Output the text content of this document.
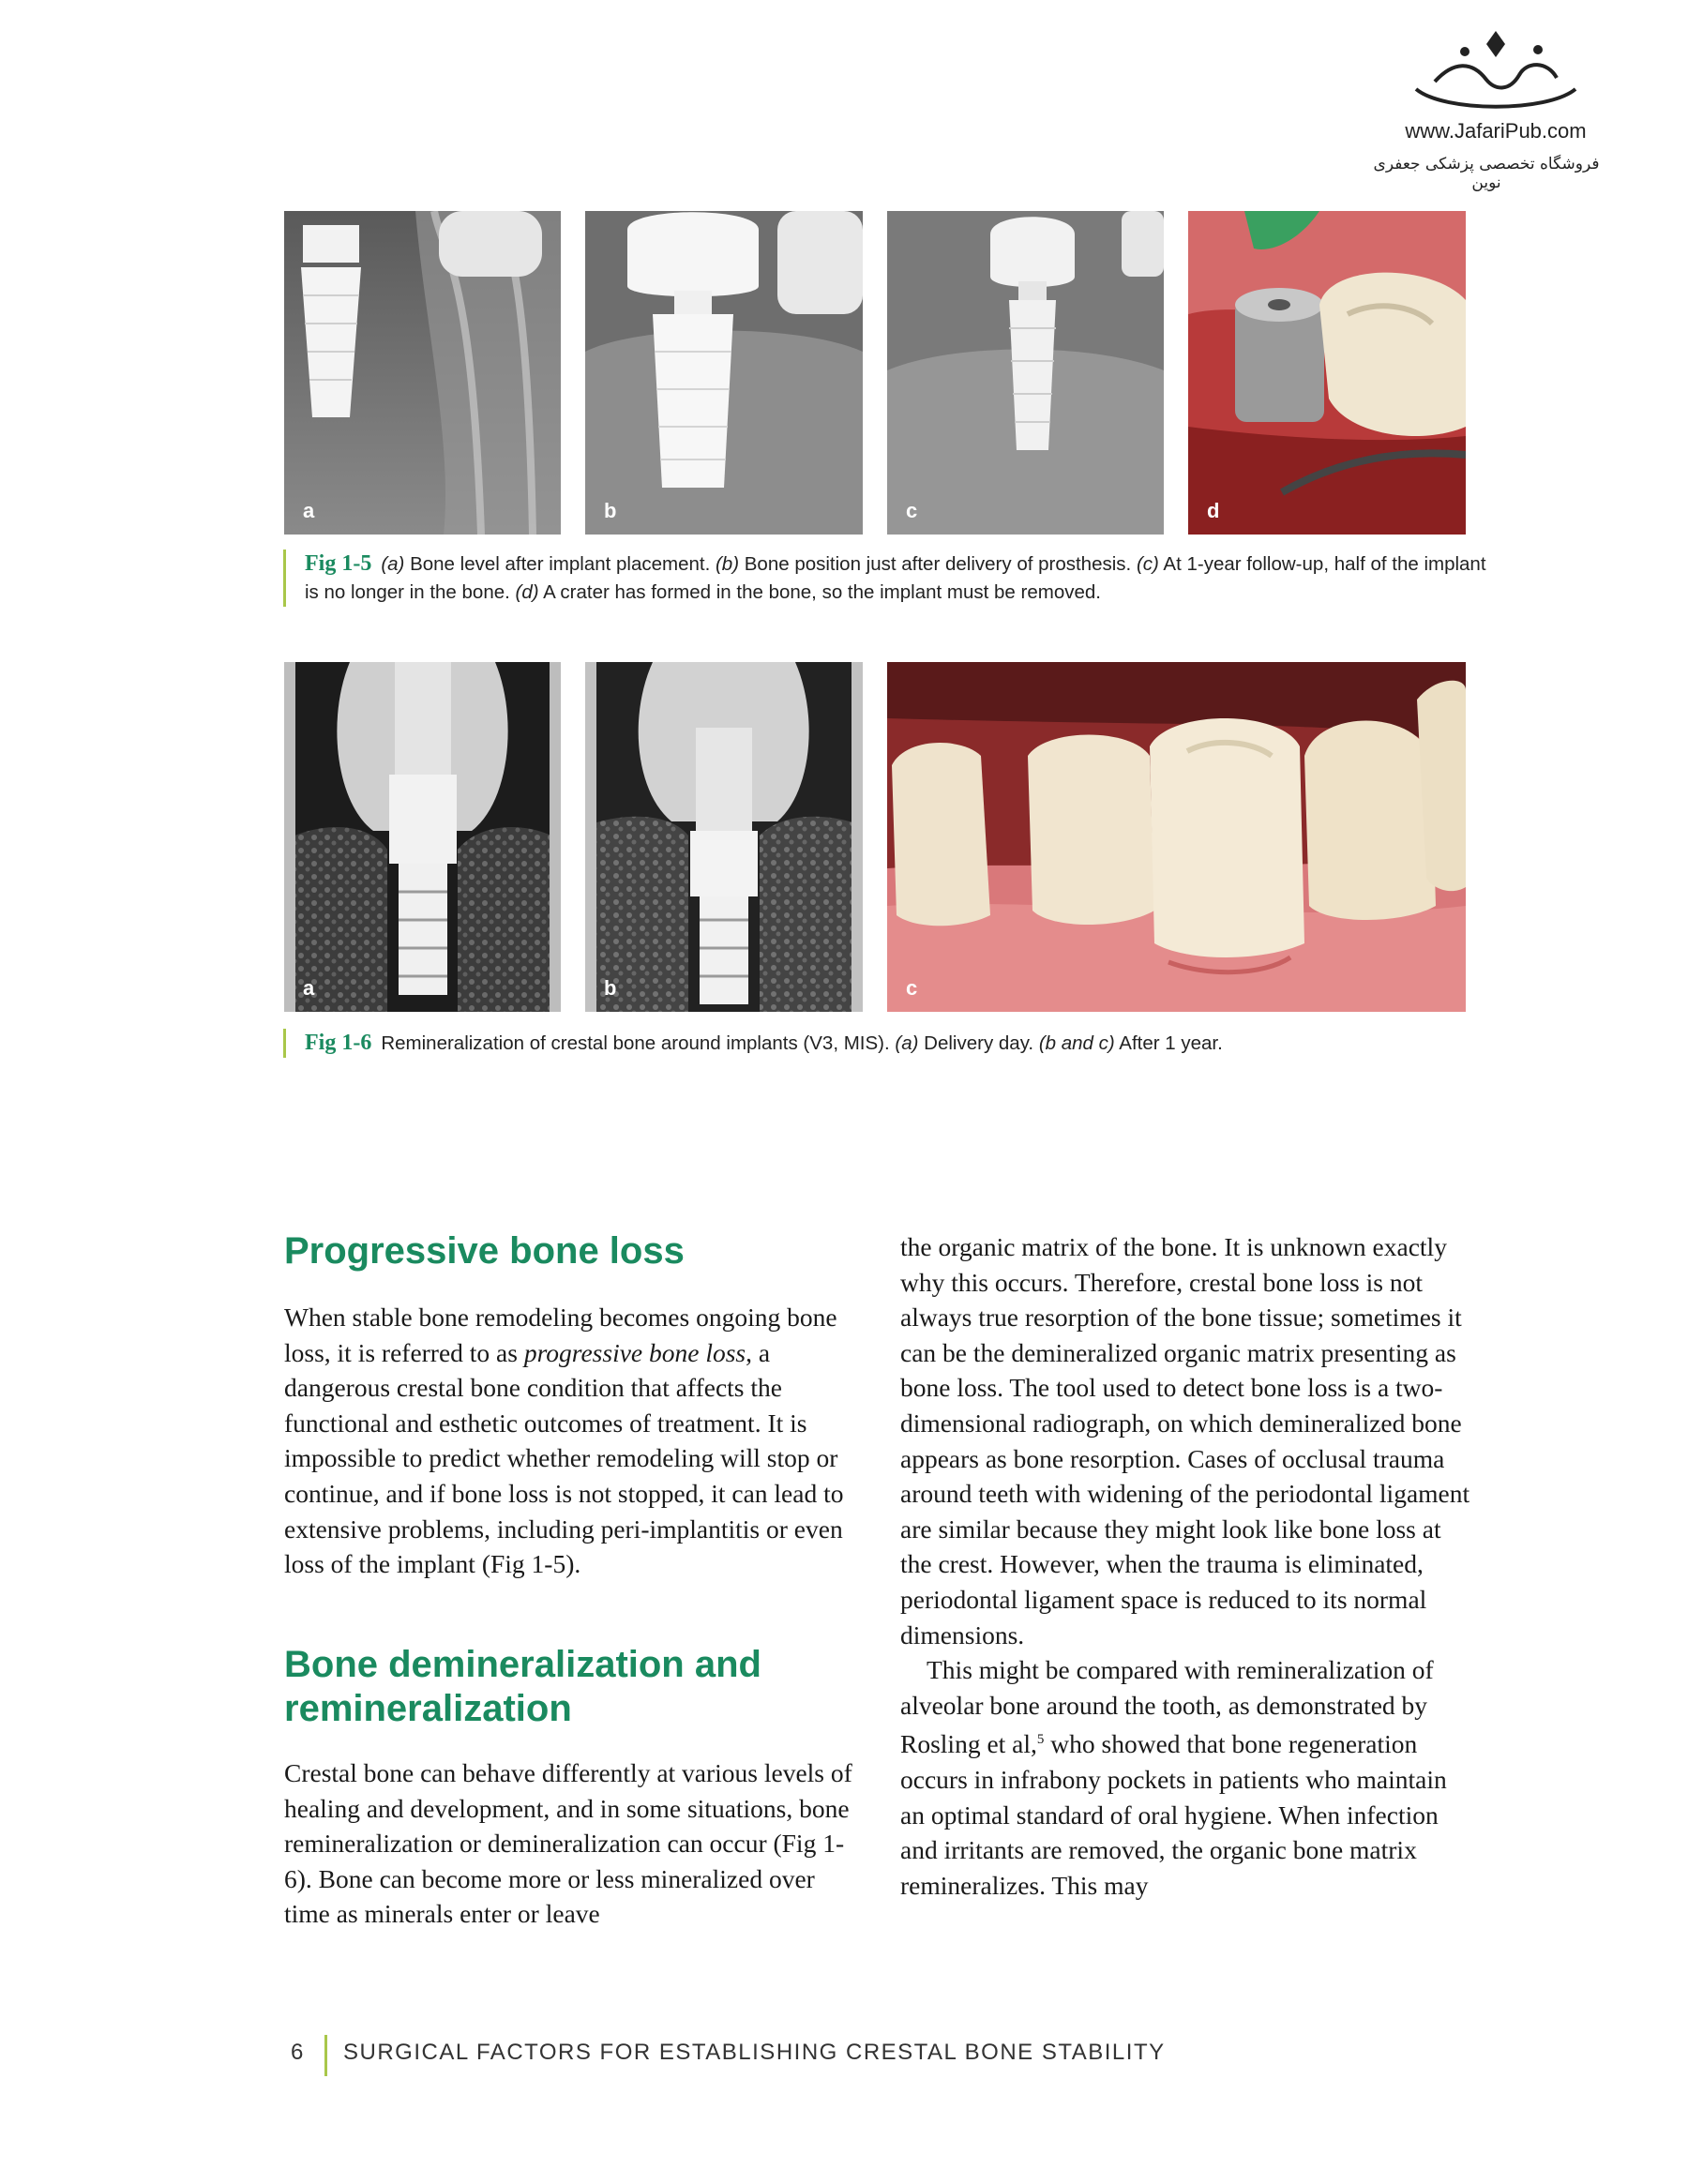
www.JafariPub.com
فروشگاه تخصصی پزشکی جعفری نوین
a	b	c	d
Fig 1-5 (a) Bone level after implant placement. (b) Bone position just after delivery of prosthesis. (c) At 1-year follow-up, half of the implant is no longer in the bone. (d) A crater has formed in the bone, so the implant must be removed.
a	b	c
Fig 1-6 Remineralization of crestal bone around implants (V3, MIS). (a) Delivery day. (b and c) After 1 year.
Progressive bone loss

When stable bone remodeling becomes ongoing bone loss, it is referred to as progressive bone loss, a dangerous crestal bone condition that affects the functional and esthetic outcomes of treatment. It is impossible to predict whether remodeling will stop or continue, and if bone loss is not stopped, it can lead to extensive problems, including peri-implantitis or even loss of the implant (Fig 1-5).

Bone demineralization and remineralization

Crestal bone can behave differently at various levels of healing and development, and in some situations, bone remineralization or demineralization can occur (Fig 1-6). Bone can become more or less mineralized over time as minerals enter or leave

the organic matrix of the bone. It is unknown exactly why this occurs. Therefore, crestal bone loss is not always true resorption of the bone tissue; sometimes it can be the demineralized organic matrix presenting as bone loss. The tool used to detect bone loss is a two-dimensional radiograph, on which demineralized bone appears as bone resorption. Cases of occlusal trauma around teeth with widening of the periodontal ligament are similar because they might look like bone loss at the crest. However, when the trauma is eliminated, periodontal ligament space is reduced to its normal dimensions.

This might be compared with remineralization of alveolar bone around the tooth, as demonstrated by Rosling et al,$^5$ who showed that bone regeneration occurs in infrabony pockets in patients who maintain an optimal standard of oral hygiene. When infection and irritants are removed, the organic bone matrix remineralizes. This may

6 SURGICAL FACTORS FOR ESTABLISHING CRESTAL BONE STABILITY
